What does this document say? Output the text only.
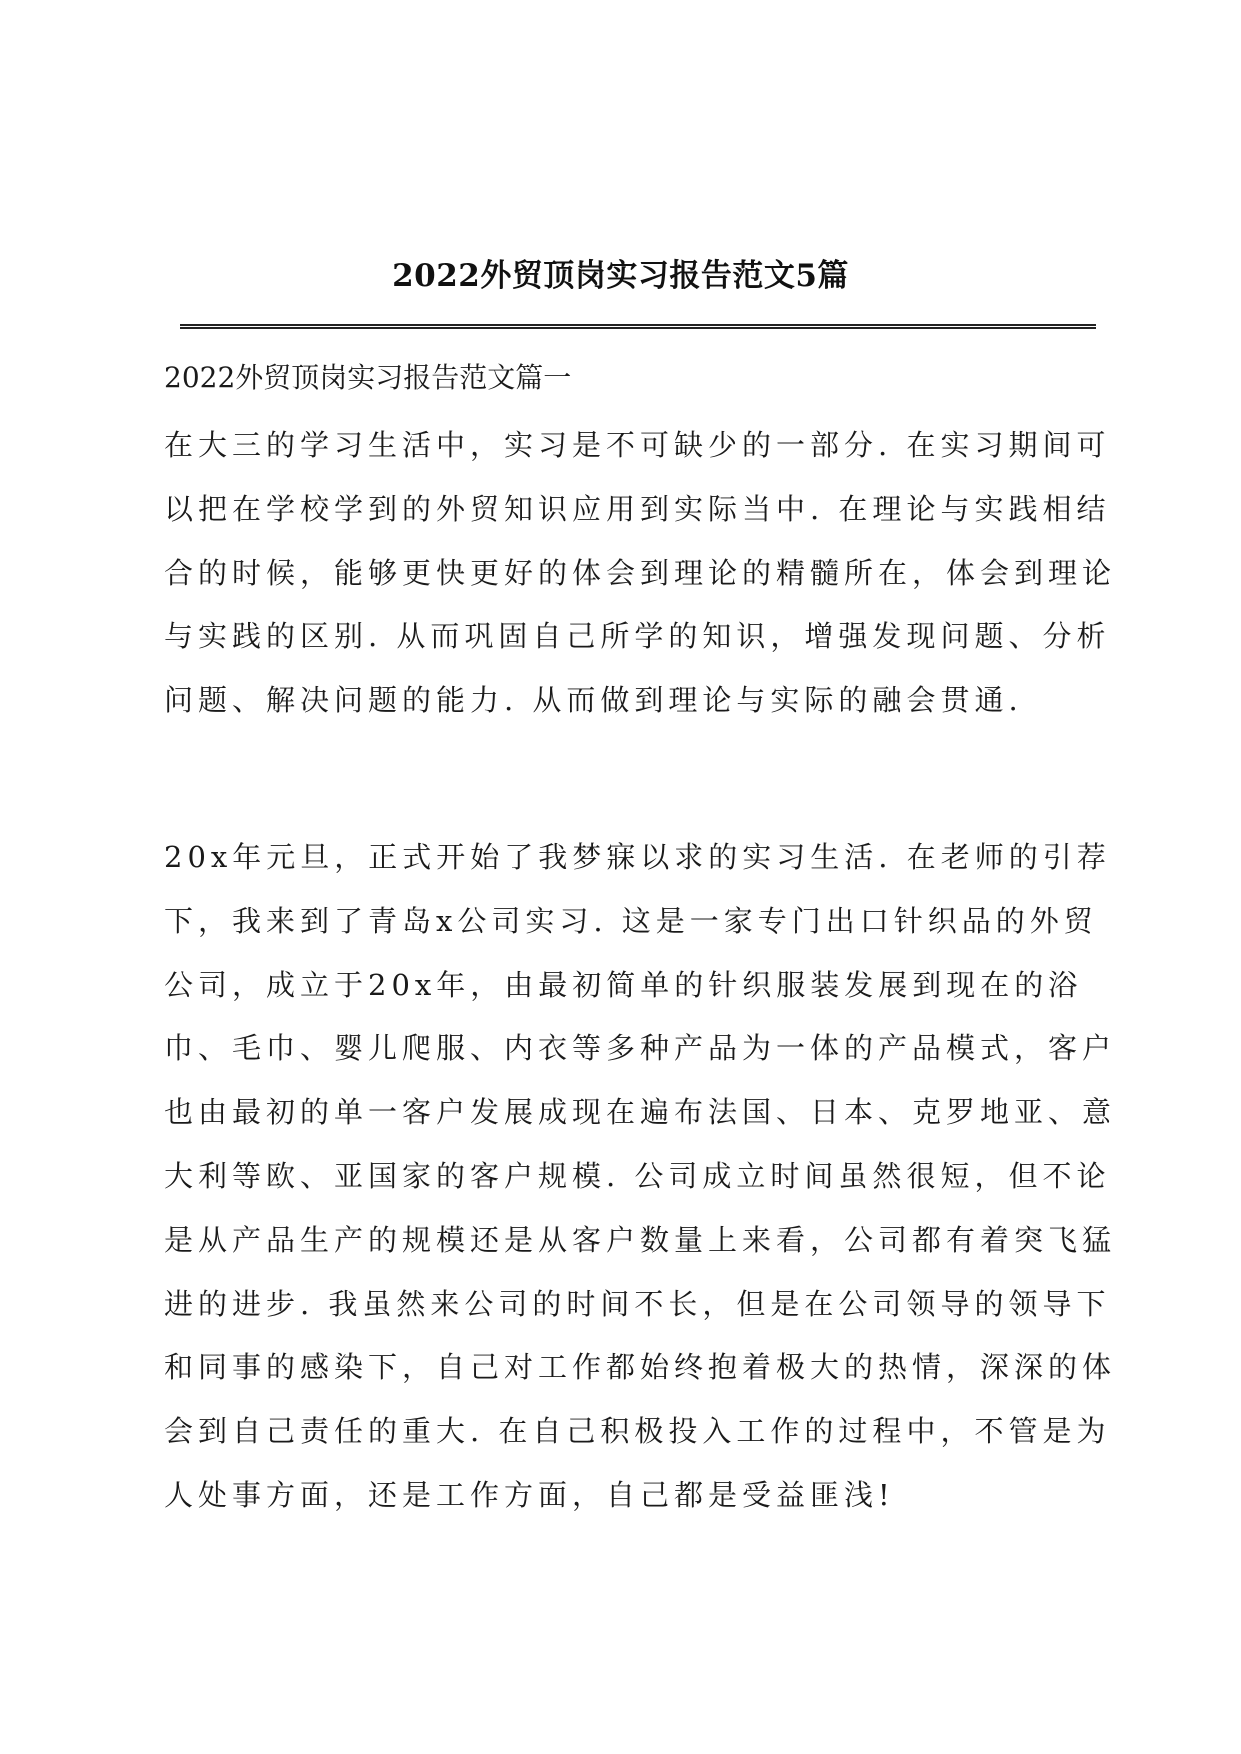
2022外贸顶岗实习报告范文5篇
2022外贸顶岗实习报告范文篇一
在大三的学习生活中，实习是不可缺少的一部分. 在实习期间可
以把在学校学到的外贸知识应用到实际当中. 在理论与实践相结
合的时候，能够更快更好的体会到理论的精髓所在，体会到理论
与实践的区别. 从而巩固自己所学的知识，增强发现问题、分析
问题、解决问题的能力. 从而做到理论与实际的融会贯通.
20x年元旦，正式开始了我梦寐以求的实习生活. 在老师的引荐
下，我来到了青岛x公司实习. 这是一家专门出口针织品的外贸
公司，成立于20x年，由最初简单的针织服装发展到现在的浴
巾、毛巾、婴儿爬服、内衣等多种产品为一体的产品模式，客户
也由最初的单一客户发展成现在遍布法国、日本、克罗地亚、意
大利等欧、亚国家的客户规模. 公司成立时间虽然很短，但不论
是从产品生产的规模还是从客户数量上来看，公司都有着突飞猛
进的进步. 我虽然来公司的时间不长，但是在公司领导的领导下
和同事的感染下，自己对工作都始终抱着极大的热情，深深的体
会到自己责任的重大. 在自己积极投入工作的过程中，不管是为
人处事方面，还是工作方面，自己都是受益匪浅!
